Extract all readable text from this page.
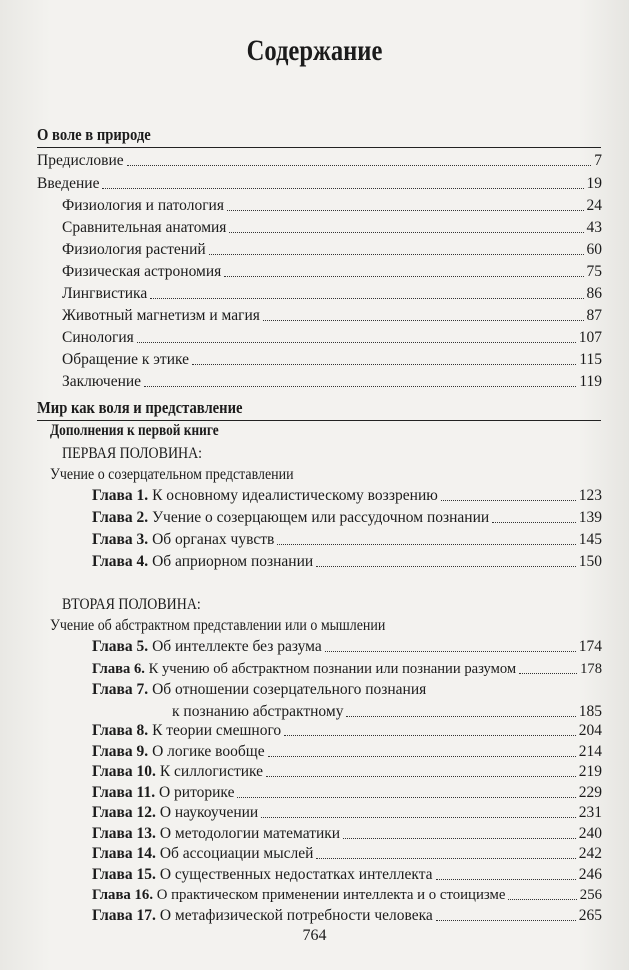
Содержание
О воле в природе
Предисловие	7
Введение	19

Физиология и патология	24
Сравнительная анатомия	43
Физиология растений	60
Физическая астрономия	75
Лингвистика	86
Животный магнетизм и магия	87
Синология	107
Обращение к этике	115
Заключение	119
Мир как воля и представление
Дополнения к первой книге
ПЕРВАЯ ПОЛОВИНА:
Учение о созерцательном представлении
Глава 1. К основному идеалистическому воззрению	123
Глава 2. Учение о созерцающем или рассудочном познании	139
Глава 3. Об органах чувств	145
Глава 4. Об априорном познании	150
ВТОРАЯ ПОЛОВИНА:
Учение об абстрактном представлении или о мышлении
Глава 5. Об интеллекте без разума	174
Глава 6. К учению об абстрактном познании или познании разумом	178
Глава 7. Об отношении созерцательного познания
к познанию абстрактному	185
Глава 8. К теории смешного	204
Глава 9. О логике вообще	214
Глава 10. К силлогистике	219
Глава 11. О риторике	229
Глава 12. О наукоучении	231
Глава 13. О методологии математики	240
Глава 14. Об ассоциации мыслей	242
Глава 15. О существенных недостатках интеллекта	246
Глава 16. О практическом применении интеллекта и о стоицизме	256
764
Глава 17. О метафизической потребности человека	265
